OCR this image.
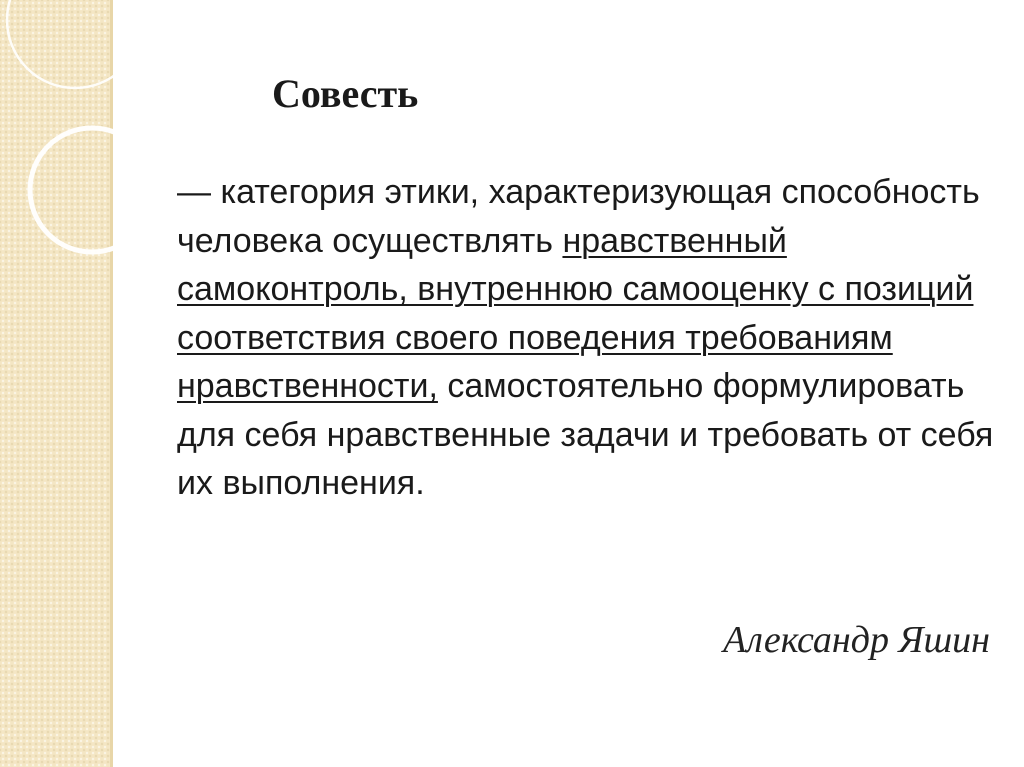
Совесть

— категория этики, характеризующая способность человека осуществлять нравственный самоконтроль, внутреннюю самооценку с позиций соответствия своего поведения требованиям нравственности, самостоятельно формулировать для себя нравственные задачи и требовать от себя их выполнения.

Александр Яшин
